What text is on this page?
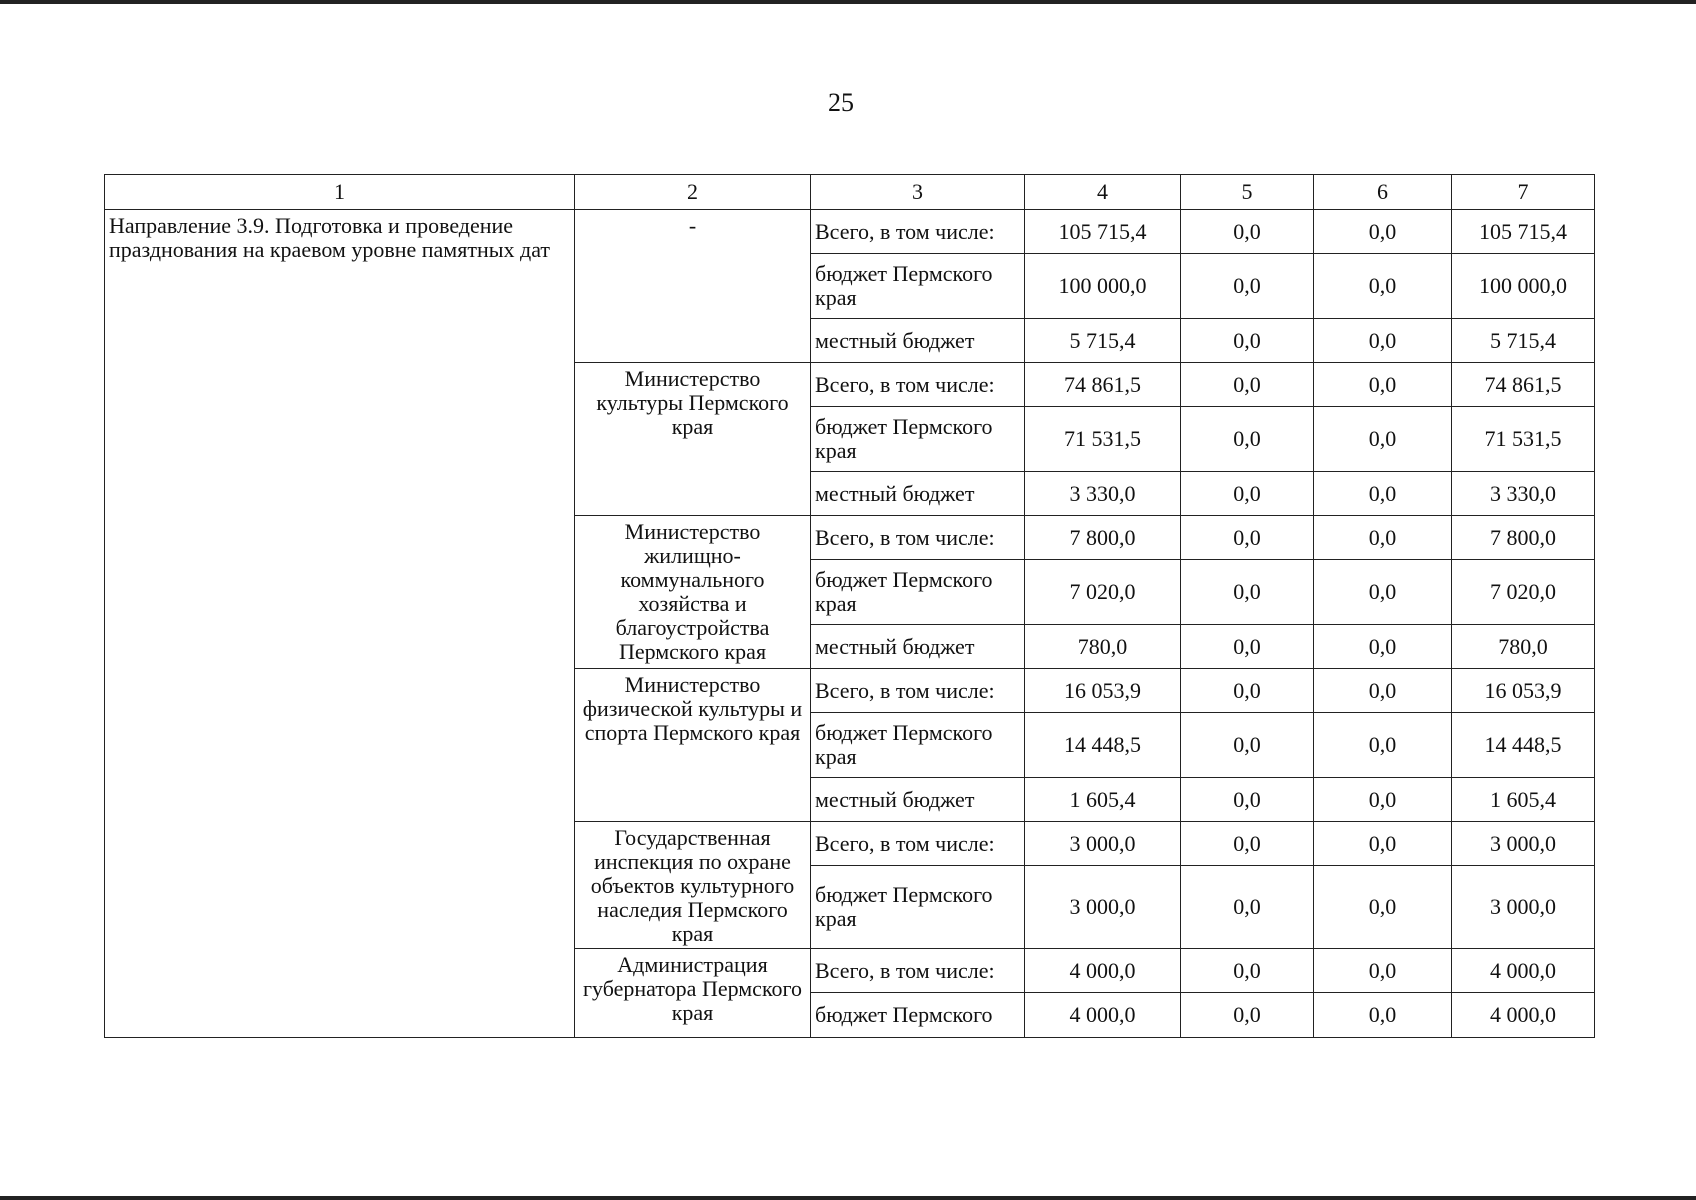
25
1	2	3	4	5	6	7
Направление 3.9. Подготовка и проведение празднования на краевом уровне памятных дат	-	Всего, в том числе:	105 715,4	0,0	0,0	105 715,4
		бюджет Пермского края	100 000,0	0,0	0,0	100 000,0
		местный бюджет	5 715,4	0,0	0,0	5 715,4
	Министерство культуры Пермского края	Всего, в том числе:	74 861,5	0,0	0,0	74 861,5
		бюджет Пермского края	71 531,5	0,0	0,0	71 531,5
		местный бюджет	3 330,0	0,0	0,0	3 330,0
	Министерство жилищно-коммунального хозяйства и благоустройства Пермского края	Всего, в том числе:	7 800,0	0,0	0,0	7 800,0
		бюджет Пермского края	7 020,0	0,0	0,0	7 020,0
		местный бюджет	780,0	0,0	0,0	780,0
	Министерство физической культуры и спорта Пермского края	Всего, в том числе:	16 053,9	0,0	0,0	16 053,9
		бюджет Пермского края	14 448,5	0,0	0,0	14 448,5
		местный бюджет	1 605,4	0,0	0,0	1 605,4
	Государственная инспекция по охране объектов культурного наследия Пермского края	Всего, в том числе:	3 000,0	0,0	0,0	3 000,0
		бюджет Пермского края	3 000,0	0,0	0,0	3 000,0
	Администрация губернатора Пермского края	Всего, в том числе:	4 000,0	0,0	0,0	4 000,0
		бюджет Пермского	4 000,0	0,0	0,0	4 000,0
